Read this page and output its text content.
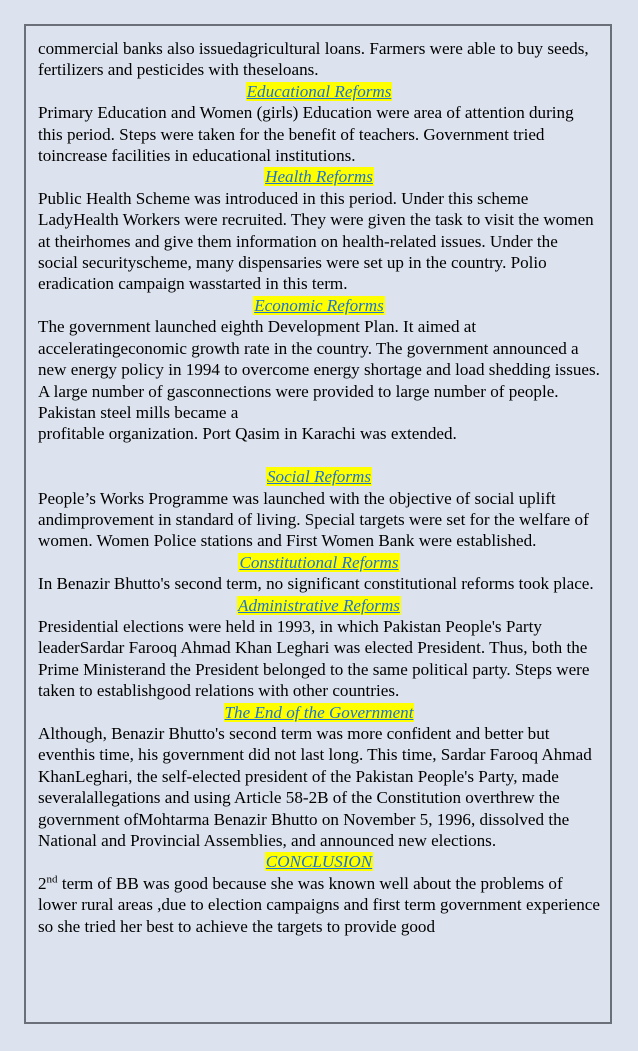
commercial banks also issuedagricultural loans. Farmers were able to buy seeds, fertilizers and pesticides with theseloans.

Educational Reforms

Primary Education and Women (girls) Education were area of attention during this period. Steps were taken for the benefit of teachers. Government tried toincrease facilities in educational institutions.

Health Reforms

Public Health Scheme was introduced in this period. Under this scheme LadyHealth Workers were recruited. They were given the task to visit the women at theirhomes and give them information on health-related issues. Under the social securityscheme, many dispensaries were set up in the country. Polio eradication campaign wasstarted in this term.

Economic Reforms

The government launched eighth Development Plan. It aimed at acceleratingeconomic growth rate in the country. The government announced a new energy policy in 1994 to overcome energy shortage and load shedding issues. A large number of gasconnections were provided to large number of people. Pakistan steel mills became a

profitable organization. Port Qasim in Karachi was extended.

Social Reforms

People’s Works Programme was launched with the objective of social uplift andimprovement in standard of living. Special targets were set for the welfare of women. Women Police stations and First Women Bank were established.

Constitutional Reforms

In Benazir Bhutto's second term, no significant constitutional reforms took place.

Administrative Reforms

Presidential elections were held in 1993, in which Pakistan People's Party leaderSardar Farooq Ahmad Khan Leghari was elected President. Thus, both the Prime Ministerand the President belonged to the same political party. Steps were taken to establishgood relations with other countries.

The End of the Government

Although, Benazir Bhutto's second term was more confident and better but eventhis time, his government did not last long. This time, Sardar Farooq Ahmad KhanLeghari, the self-elected president of the Pakistan People's Party, made severalallegations and using Article 58-2B of the Constitution overthrew the government ofMohtarma Benazir Bhutto on November 5, 1996, dissolved the National and Provincial Assemblies, and announced new elections.

CONCLUSION

2nd term of BB was good because she was known well about the problems of lower rural areas ,due to election campaigns and first term government experience so she tried her best to achieve the targets to provide good
